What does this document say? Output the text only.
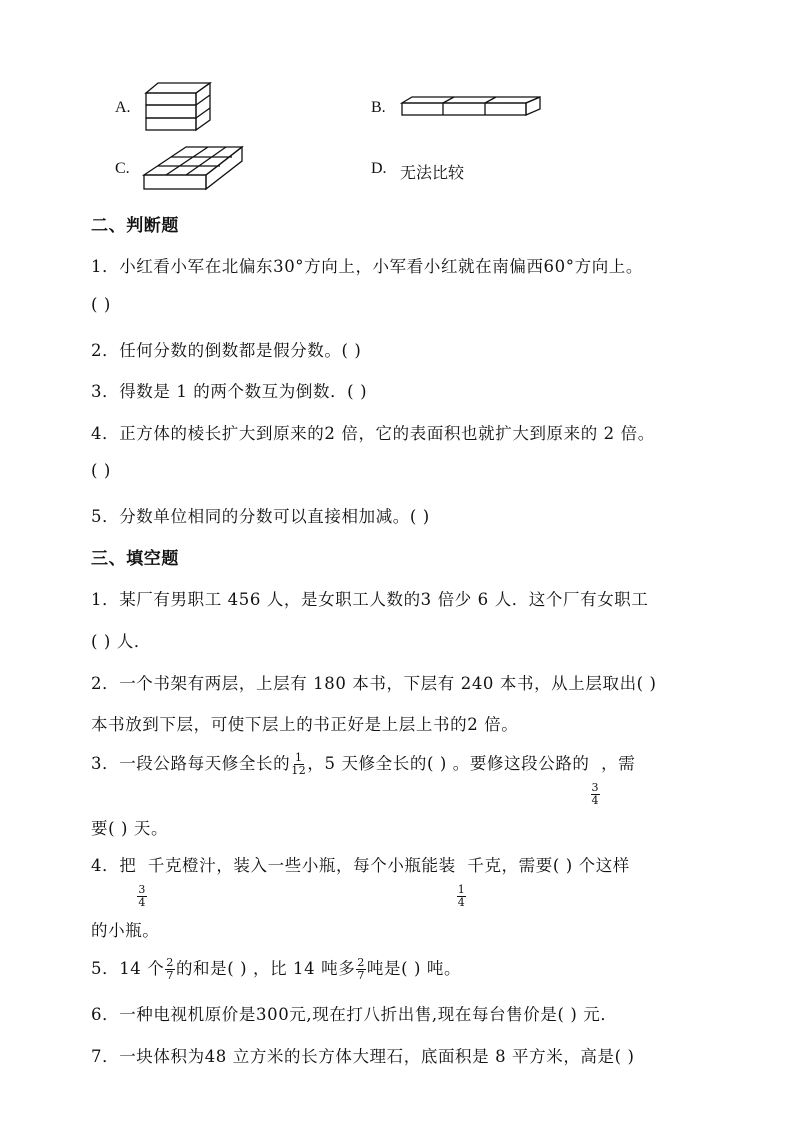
A.	B.
C.	D. 无法比较
二、判断题
1．小红看小军在北偏东30°方向上，小军看小红就在南偏西60°方向上。
( )
2．任何分数的倒数都是假分数。( )
3．得数是 1 的两个数互为倒数．( )
4．正方体的棱长扩大到原来的2 倍，它的表面积也就扩大到原来的 2 倍。
( )
5．分数单位相同的分数可以直接相加减。( )
三、填空题
1．某厂有男职工 456 人，是女职工人数的3 倍少 6 人．这个厂有女职工
( ) 人．
2．一个书架有两层，上层有 180 本书，下层有 240 本书，从上层取出( )
本书放到下层，可使下层上的书正好是上层上书的2 倍。
3．一段公路每天修全长的 $\frac{1}{12}$ ，5 天修全长的( ) 。要修这段公路的
$\frac{3}{4}$
，需
要( ) 天。
4．把
$\frac{3}{4}$
千克橙汁，装入一些小瓶，每个小瓶能装
$\frac{1}{4}$
千克，需要( ) 个这样
的小瓶。
5．14 个 $\frac{2}{7}$ 的和是( ) ，比 14 吨多 $\frac{2}{7}$ 吨是( ) 吨。
6．一种电视机原价是300元,现在打八折出售,现在每台售价是( ) 元．
7．一块体积为48 立方米的长方体大理石，底面积是 8 平方米，高是( )
